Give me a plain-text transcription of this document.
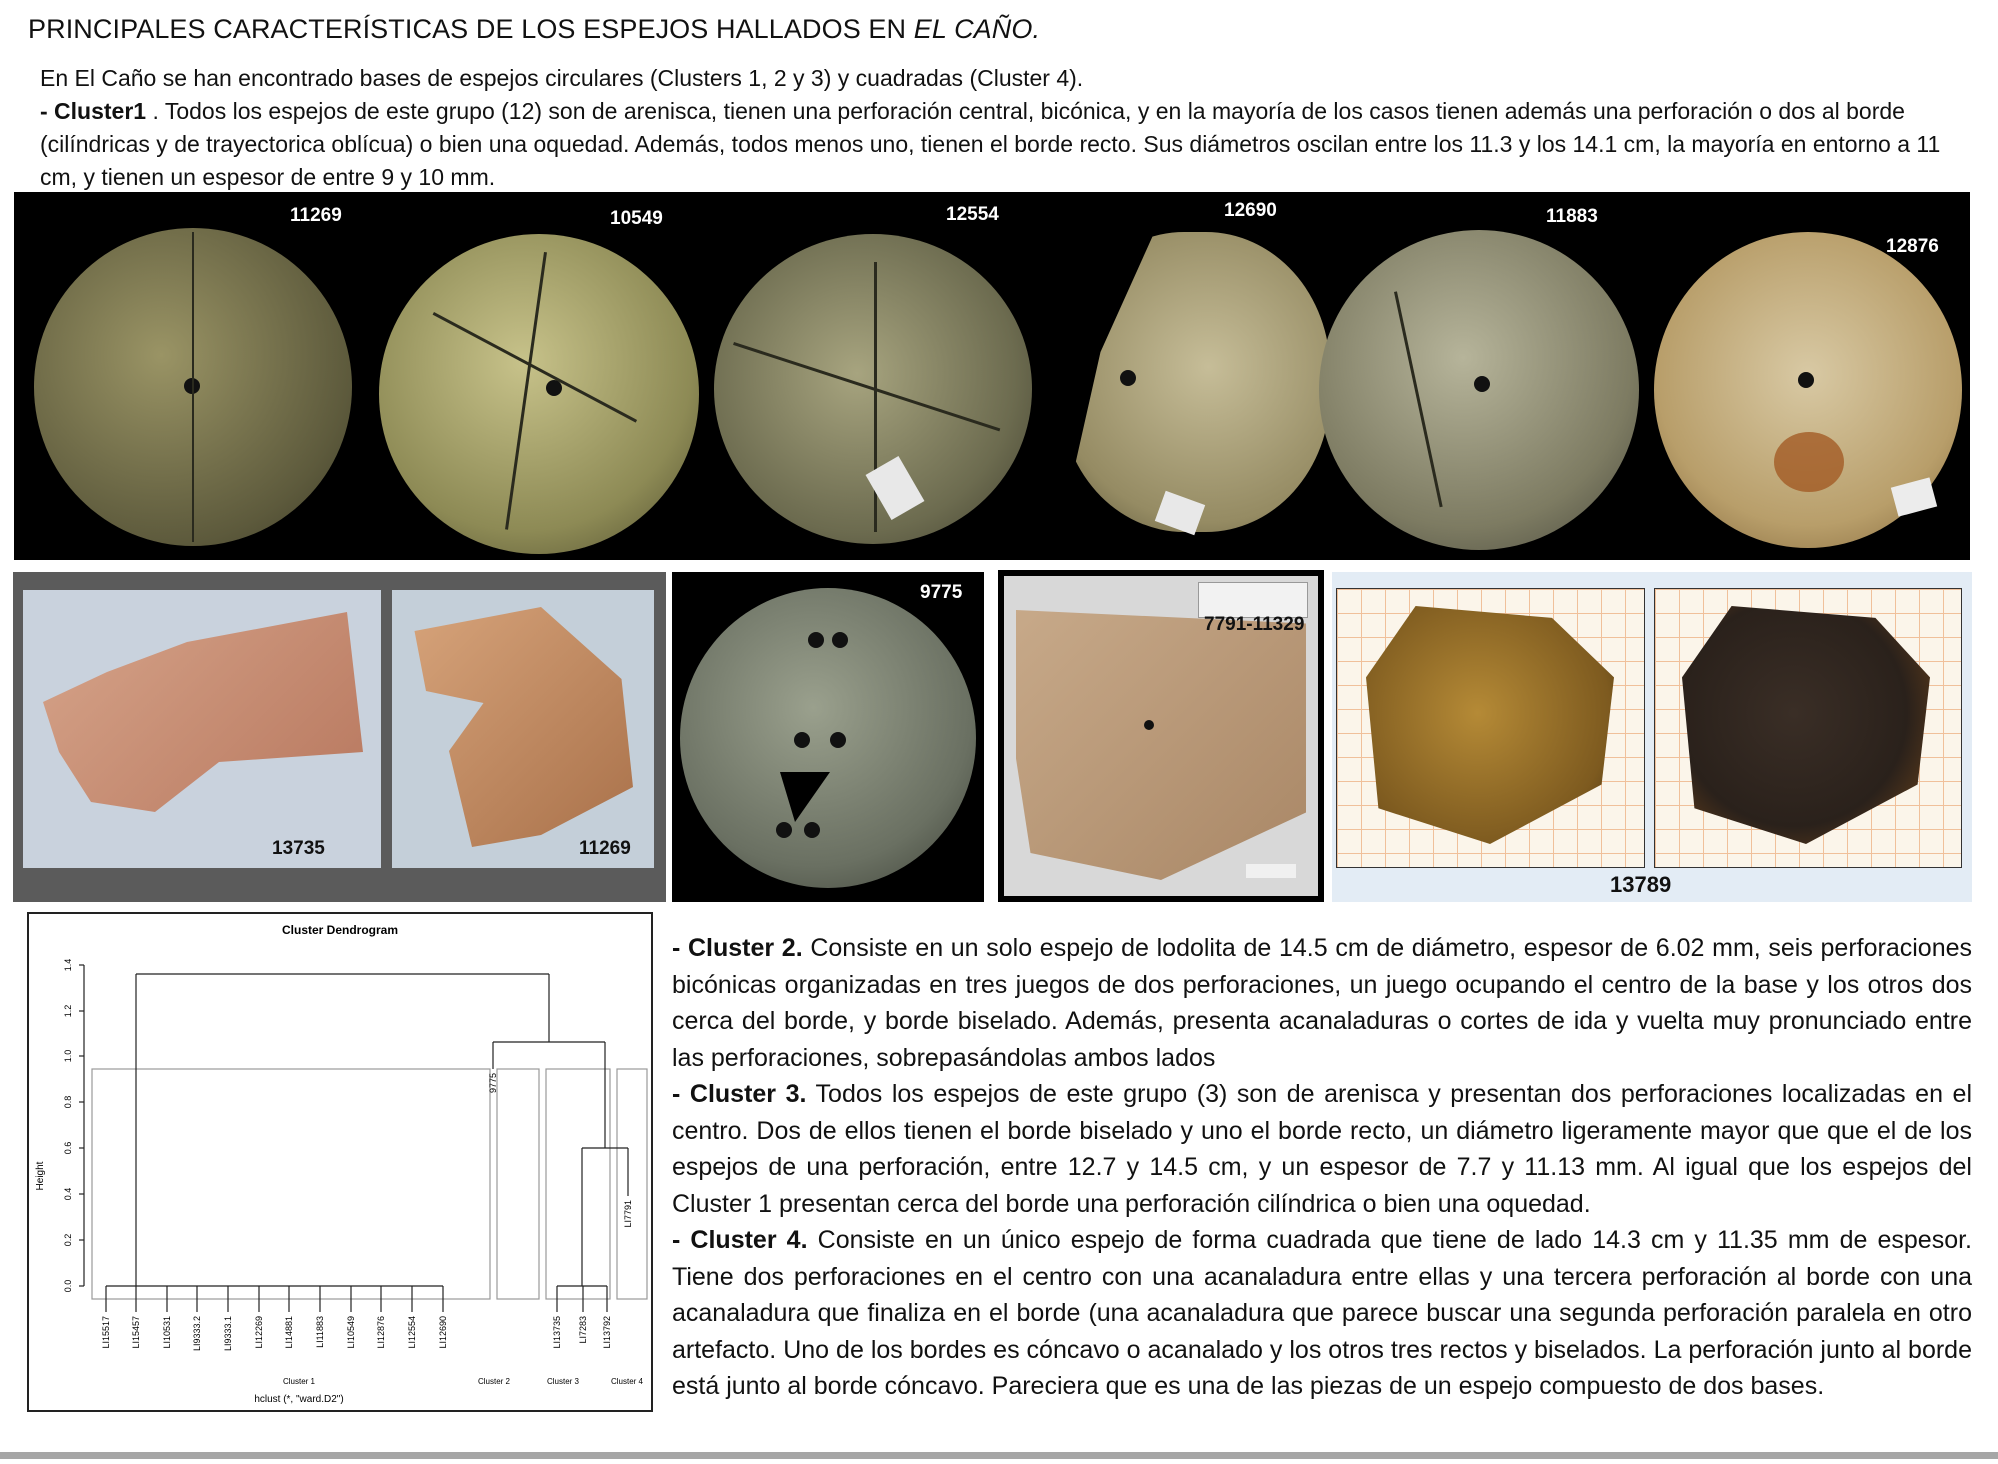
PRINCIPALES CARACTERÍSTICAS DE LOS ESPEJOS HALLADOS EN EL CAÑO.
En El Caño se han encontrado bases de espejos circulares (Clusters 1, 2 y 3) y cuadradas (Cluster 4).
- Cluster1 . Todos los espejos de este grupo (12) son de arenisca, tienen una perforación central, bicónica, y en la mayoría de los casos tienen además una perforación o dos al borde (cilíndricas y de trayectorica oblícua) o bien una oquedad. Además, todos menos uno, tienen el borde recto. Sus diámetros oscilan entre los 11.3 y los 14.1 cm, la mayoría en entorno a 11 cm, y tienen un espesor de entre 9 y 10 mm.
11269	10549	12554	12690	11883
12876
13735	11269
9775
7791-11329
13789
Cluster Dendrogram
Height
0.0
0.2
0.4
0.6
0.8
1.0
1.2
1.4
LI15517 LI15457 LI10531 LI9333.2 LI9333.1 LI12269 LI14881 LI11883 LI10549 LI12876 LI12554 LI12690
9775
LI13735 LI7283 LI13792
LI7791
Cluster 1	Cluster 2	Cluster 3	Cluster 4
hclust (*, "ward.D2")

- Cluster 2. Consiste en un solo espejo de lodolita de 14.5 cm de diámetro, espesor de 6.02 mm, seis perforaciones bicónicas organizadas en tres juegos de dos perforaciones, un juego ocupando el centro de la base y los otros dos cerca del borde, y borde biselado. Además, presenta acanaladuras o cortes de ida y vuelta muy pronunciado entre las perforaciones, sobrepasándolas ambos lados

- Cluster 3. Todos los espejos de este grupo (3) son de arenisca y presentan dos perforaciones localizadas en el centro. Dos de ellos tienen el borde biselado y uno el borde recto, un diámetro ligeramente mayor que que el de los espejos de una perforación, entre 12.7 y 14.5 cm, y un espesor de 7.7 y 11.13 mm. Al igual que los espejos del Cluster 1 presentan cerca del borde una perforación cilíndrica o bien una oquedad.

- Cluster 4. Consiste en un único espejo de forma cuadrada que tiene de lado 14.3 cm y 11.35 mm de espesor. Tiene dos perforaciones en el centro con una acanaladura entre ellas y una tercera perforación al borde con una acanaladura que finaliza en el borde (una acanaladura que parece buscar una segunda perforación paralela en otro artefacto. Uno de los bordes es cóncavo o acanalado y los otros tres rectos y biselados. La perforación junto al borde está junto al borde cóncavo. Pareciera que es una de las piezas de un espejo compuesto de dos bases.
